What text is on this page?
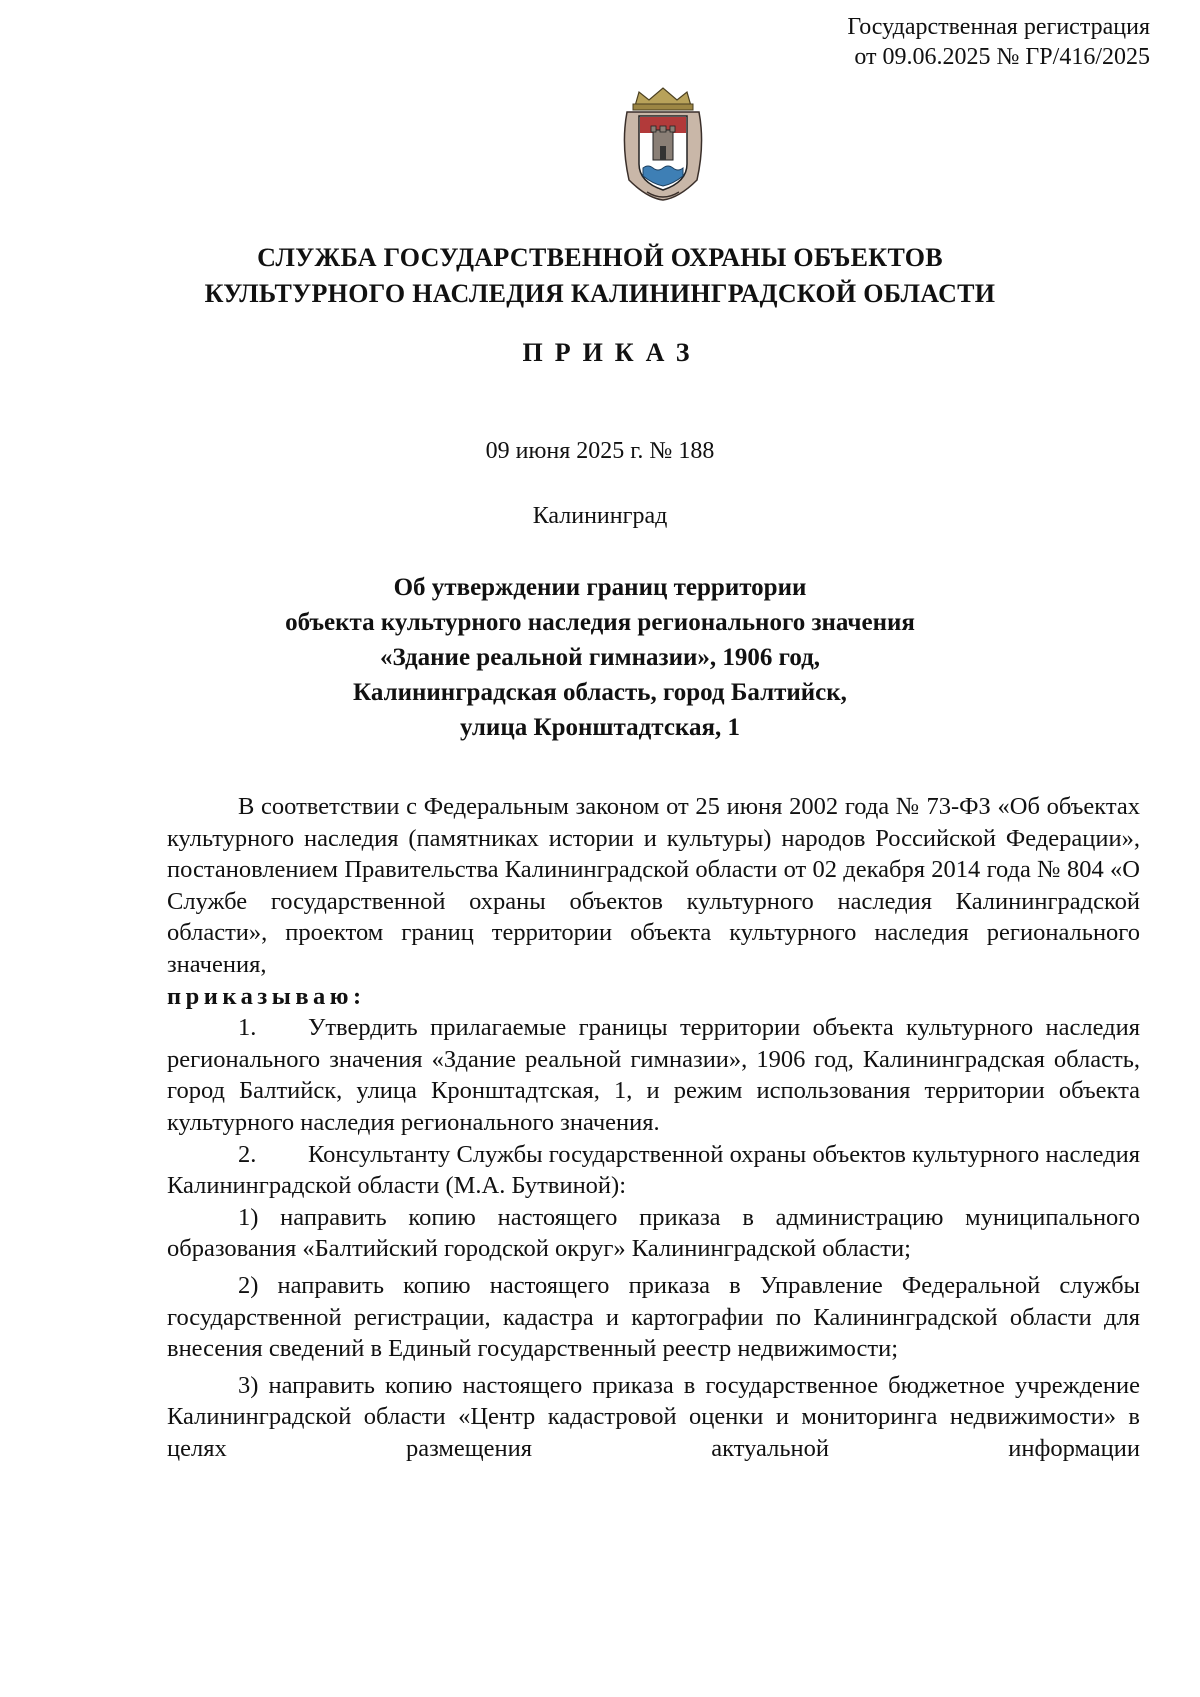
Государственная регистрация
от 09.06.2025 № ГР/416/2025
СЛУЖБА ГОСУДАРСТВЕННОЙ ОХРАНЫ ОБЪЕКТОВ
КУЛЬТУРНОГО НАСЛЕДИЯ КАЛИНИНГРАДСКОЙ ОБЛАСТИ
ПРИКАЗ
09 июня 2025 г. № 188
Калининград
Об утверждении границ территории
объекта культурного наследия регионального значения
«Здание реальной гимназии», 1906 год,
Калининградская область, город Балтийск,
улица Кронштадтская, 1

В соответствии с Федеральным законом от 25 июня 2002 года № 73-ФЗ «Об объектах культурного наследия (памятниках истории и культуры) народов Российской Федерации», постановлением Правительства Калининградской области от 02 декабря 2014 года № 804 «О Службе государственной охраны объектов культурного наследия Калининградской области», проектом границ территории объекта культурного наследия регионального значения,

приказываю:

1. Утвердить прилагаемые границы территории объекта культурного наследия регионального значения «Здание реальной гимназии», 1906 год, Калининградская область, город Балтийск, улица Кронштадтская, 1, и режим использования территории объекта культурного наследия регионального значения.

2. Консультанту Службы государственной охраны объектов культурного наследия Калининградской области (М.А. Бутвиной):

1) направить копию настоящего приказа в администрацию муниципального образования «Балтийский городской округ» Калининградской области;

2) направить копию настоящего приказа в Управление Федеральной службы государственной регистрации, кадастра и картографии по Калининградской области для внесения сведений в Единый государственный реестр недвижимости;

3) направить копию настоящего приказа в государственное бюджетное учреждение Калининградской области «Центр кадастровой оценки и мониторинга недвижимости» в целях размещения актуальной информации
